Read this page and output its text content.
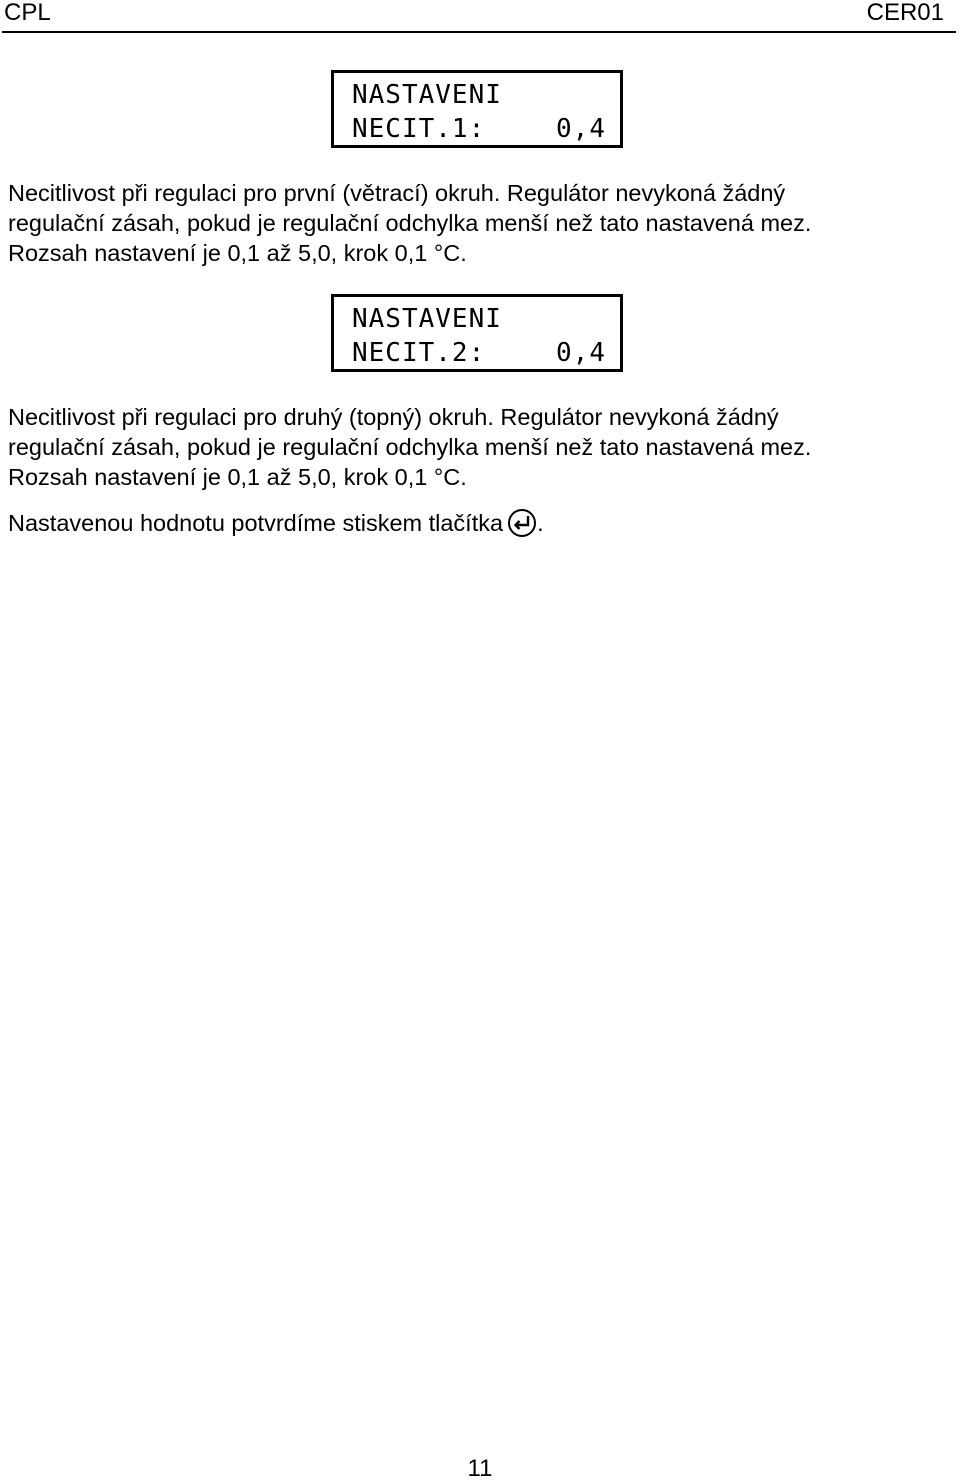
CPL	CER01
NASTAVENI
NECIT.1:	0,4

Necitlivost při regulaci pro první (větrací) okruh. Regulátor nevykoná žádný

regulační zásah, pokud je regulační odchylka menší než tato nastavená mez.

Rozsah nastavení je 0,1 až 5,0, krok 0,1 °C.

NASTAVENI
NECIT.2:	0,4

Necitlivost při regulaci pro druhý (topný) okruh. Regulátor nevykoná žádný

regulační zásah, pokud je regulační odchylka menší než tato nastavená mez.

Rozsah nastavení je 0,1 až 5,0, krok 0,1 °C.

Nastavenou hodnotu potvrdíme stiskem tlačítka .
11
